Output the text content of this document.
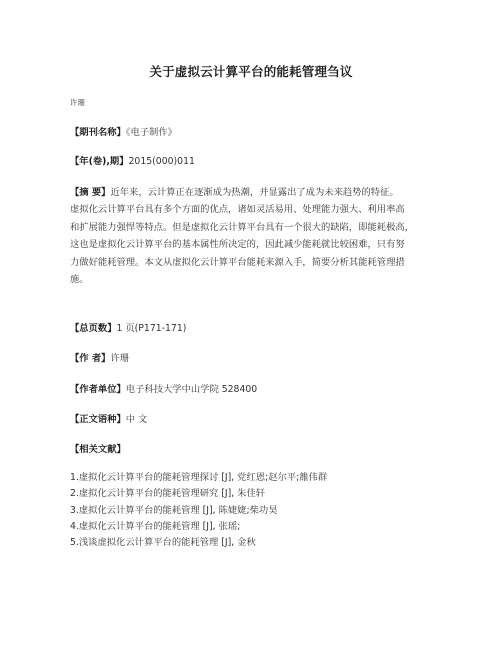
关于虚拟云计算平台的能耗管理刍议
许珊
【期刊名称】《电子制作》
【年(卷),期】2015(000)011
【摘 要】近年来，云计算正在逐渐成为热潮，并显露出了成为未来趋势的特征。
虚拟化云计算平台具有多个方面的优点，诸如灵活易用、处理能力强大、利用率高
和扩展能力强悍等特点。但是虚拟化云计算平台具有一个很大的缺陷，即能耗极高，
这也是虚拟化云计算平台的基本属性所决定的，因此减少能耗就比较困难，只有努
力做好能耗管理。本文从虚拟化云计算平台能耗来源入手，简要分析其能耗管理措
施。
【总页数】1 页(P171-171)
【作 者】许珊
【作者单位】电子科技大学中山学院 528400
【正文语种】中 文
【相关文献】
1.虚拟化云计算平台的能耗管理探讨 [J], 党红恩;赵尔平;雒伟群
2.虚拟化云计算平台的能耗管理研究 [J], 朱佳轩
3.虚拟化云计算平台的能耗管理 [J], 陈婕婕;柴功昊
4.虚拟化云计算平台的能耗管理 [J], 张瑶;
5.浅谈虚拟化云计算平台的能耗管理 [J], 金秋
